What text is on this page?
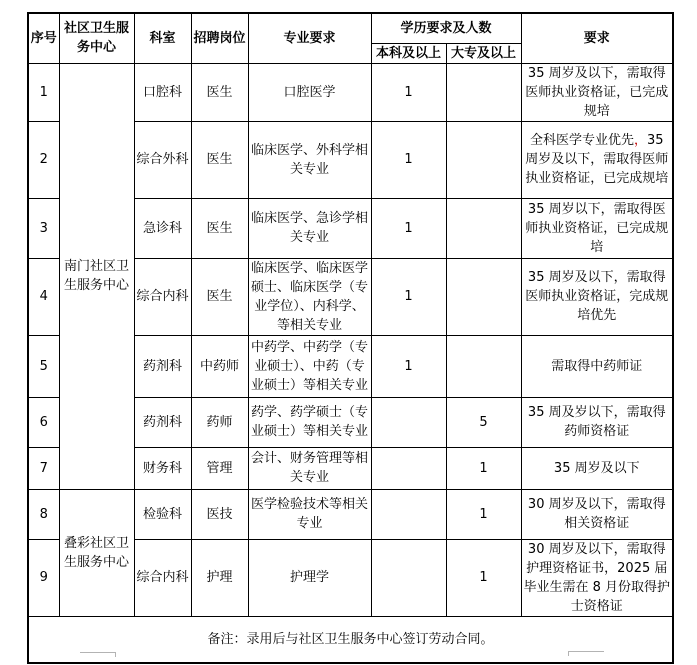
序号	社区卫生服务中心	科室	招聘岗位	专业要求	学历要求及人数		要求
					本科及以上	大专及以上	
1	南门社区卫生服务中心	口腔科	医生	口腔医学	1		35 周岁及以下，需取得医师执业资格证，已完成规培
2		综合外科	医生	临床医学、外科学相关专业	1		全科医学专业优先，35 周岁及以下，需取得医师执业资格证，已完成规培
3		急诊科	医生	临床医学、急诊学相关专业	1		35 周岁以下，需取得医师执业资格证，已完成规培
4		综合内科	医生	临床医学、临床医学硕士、临床医学（专业学位）、内科学、等相关专业	1		35 周岁及以下，需取得医师执业资格证，完成规培优先
5		药剂科	中药师	中药学、中药学（专业硕士）、中药（专业硕士）等相关专业	1		需取得中药师证
6		药剂科	药师	药学、药学硕士（专业硕士）等相关专业		5	35 周及岁以下，需取得药师资格证
7		财务科	管理	会计、财务管理等相关专业		1	35 周岁及以下
8	叠彩社区卫生服务中心	检验科	医技	医学检验技术等相关专业		1	30 周岁及以下，需取得相关资格证
9		综合内科	护理	护理学		1	30 周岁及以下，需取得护理资格证书，2025 届毕业生需在 8 月份取得护士资格证
备注：录用后与社区卫生服务中心签订劳动合同。							
